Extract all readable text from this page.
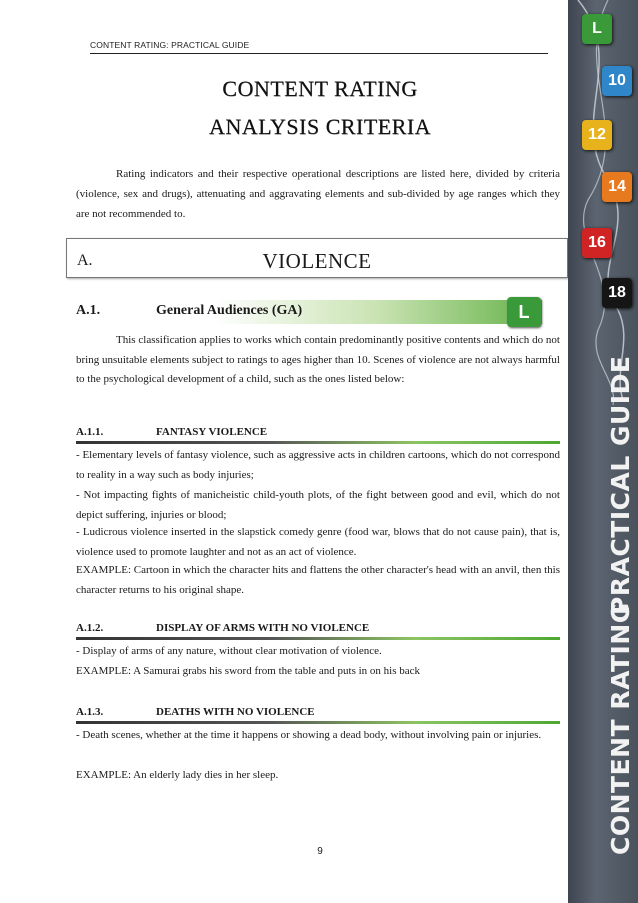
CONTENT RATING: PRACTICAL GUIDE
CONTENT RATING
ANALYSIS CRITERIA
Rating indicators and their respective operational descriptions are listed here, divided by criteria (violence, sex and drugs), attenuating and aggravating elements and sub-divided by age ranges which they are not recommended to.
A.	VIOLENCE
A.1.	General Audiences (GA)	L
This classification applies to works which contain predominantly positive contents and which do not bring unsuitable elements subject to ratings to ages higher than 10. Scenes of violence are not always harmful to the psychological development of a child, such as the ones listed below:
A.1.1.	FANTASY VIOLENCE
- Elementary levels of fantasy violence, such as aggressive acts in children cartoons, which do not correspond to reality in a way such as body injuries;
- Not impacting fights of manicheistic child-youth plots, of the fight between good and evil, which do not depict suffering, injuries or blood;
- Ludicrous violence inserted in the slapstick comedy genre (food war, blows that do not cause pain), that is, violence used to promote laughter and not as an act of violence.
EXAMPLE: Cartoon in which the character hits and flattens the other character's head with an anvil, then this character returns to his original shape.
A.1.2.	DISPLAY OF ARMS WITH NO VIOLENCE
- Display of arms of any nature, without clear motivation of violence.
EXAMPLE: A Samurai grabs his sword from the table and puts in on his back
A.1.3.	DEATHS WITH NO VIOLENCE
- Death scenes, whether at the time it happens or showing a dead body, without involving pain or injuries.
EXAMPLE: An elderly lady dies in her sleep.
9
L
10
12
14
16
18
PRACTICAL GUIDE
CONTENT RATING
